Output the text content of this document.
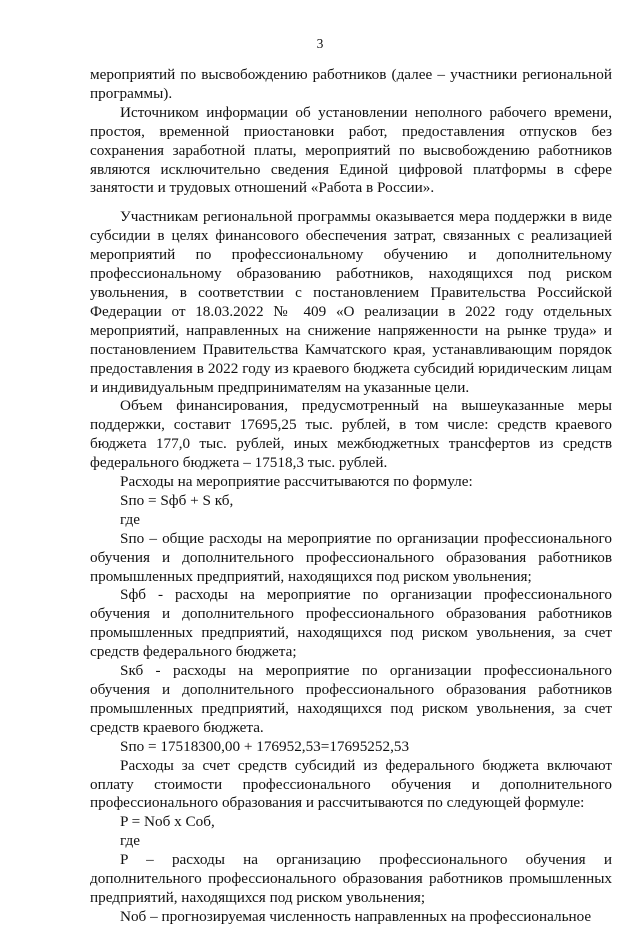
3

мероприятий по высвобождению работников (далее – участники региональной программы).

Источником информации об установлении неполного рабочего времени, простоя, временной приостановки работ, предоставления отпусков без сохранения заработной платы, мероприятий по высвобождению работников являются исключительно сведения Единой цифровой платформы в сфере занятости и трудовых отношений «Работа в России».

Участникам региональной программы оказывается мера поддержки в виде субсидии в целях финансового обеспечения затрат, связанных с реализацией мероприятий по профессиональному обучению и дополнительному профессиональному образованию работников, находящихся под риском увольнения, в соответствии с постановлением Правительства Российской Федерации от 18.03.2022 № 409 «О реализации в 2022 году отдельных мероприятий, направленных на снижение напряженности на рынке труда» и постановлением Правительства Камчатского края, устанавливающим порядок предоставления в 2022 году из краевого бюджета субсидий юридическим лицам и индивидуальным предпринимателям на указанные цели.

Объем финансирования, предусмотренный на вышеуказанные меры поддержки, составит 17695,25 тыс. рублей, в том числе: средств краевого бюджета 177,0 тыс. рублей, иных межбюджетных трансфертов из средств федерального бюджета – 17518,3 тыс. рублей.

Расходы на мероприятие рассчитываются по формуле:

Sпо = Sфб + S кб,

где

Sпо – общие расходы на мероприятие по организации профессионального обучения и дополнительного профессионального образования работников промышленных предприятий, находящихся под риском увольнения;

Sфб - расходы на мероприятие по организации профессионального обучения и дополнительного профессионального образования работников промышленных предприятий, находящихся под риском увольнения, за счет средств федерального бюджета;

Sкб - расходы на мероприятие по организации профессионального обучения и дополнительного профессионального образования работников промышленных предприятий, находящихся под риском увольнения, за счет средств краевого бюджета.

Sпо = 17518300,00 + 176952,53=17695252,53

Расходы за счет средств субсидий из федерального бюджета включают оплату стоимости профессионального обучения и дополнительного профессионального образования и рассчитываются по следующей формуле:

P = Nоб х Cоб,

где

P – расходы на организацию профессионального обучения и дополнительного профессионального образования работников промышленных предприятий, находящихся под риском увольнения;

Nоб – прогнозируемая численность направленных на профессиональное
